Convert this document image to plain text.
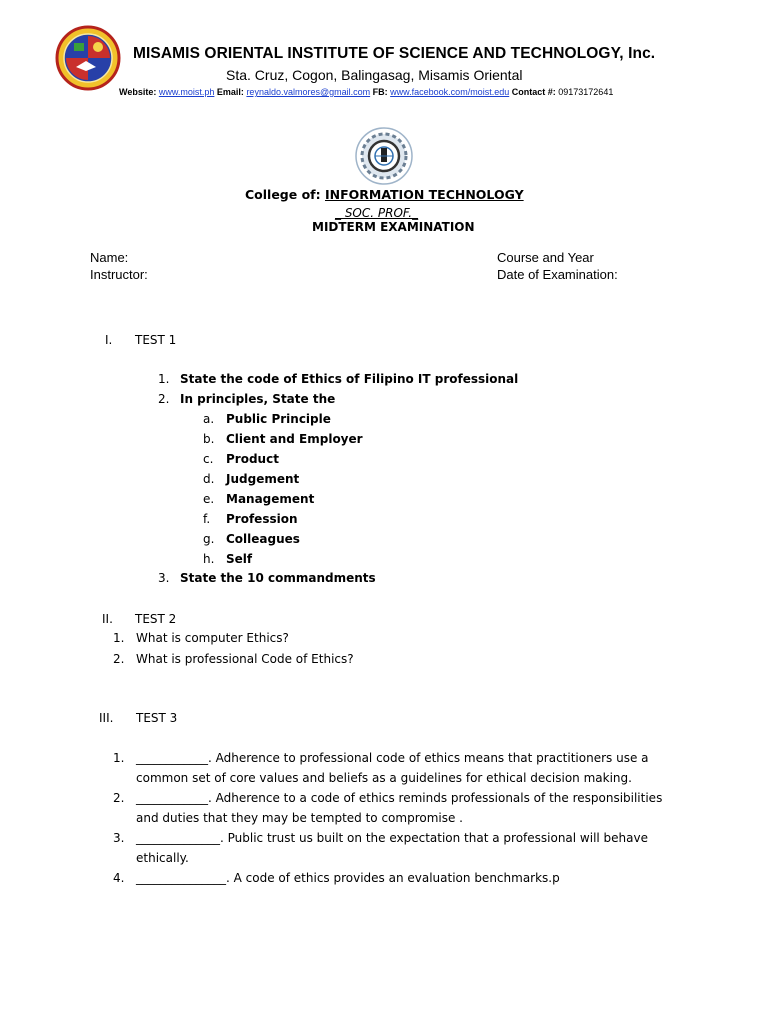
MISAMIS ORIENTAL INSTITUTE OF SCIENCE AND TECHNOLOGY, Inc.
Sta. Cruz, Cogon, Balingasag, Misamis Oriental
Website: www.moist.ph Email: reynaldo.valmores@gmail.com FB: www.facebook.com/moist.edu Contact #: 09173172641
College of: INFORMATION TECHNOLOGY
_ SOC. PROF._
MIDTERM EXAMINATION
Name:
Instructor:
Course and Year
Date of Examination:
I. TEST 1
1. State the code of Ethics of Filipino IT professional
2. In principles, State the
a. Public Principle
b. Client and Employer
c. Product
d. Judgement
e. Management
f. Profession
g. Colleagues
h. Self
3. State the 10 commandments
II. TEST 2
1. What is computer Ethics?
2. What is professional Code of Ethics?
III. TEST 3
1. ____________. Adherence to professional code of ethics means that practitioners use a common set of core values and beliefs as a guidelines for ethical decision making.
2. ____________. Adherence to a code of ethics reminds professionals of the responsibilities and duties that they may be tempted to compromise .
3. ______________. Public trust us built on the expectation that a professional will behave ethically.
4. _______________. A code of ethics provides an evaluation benchmarks.p
